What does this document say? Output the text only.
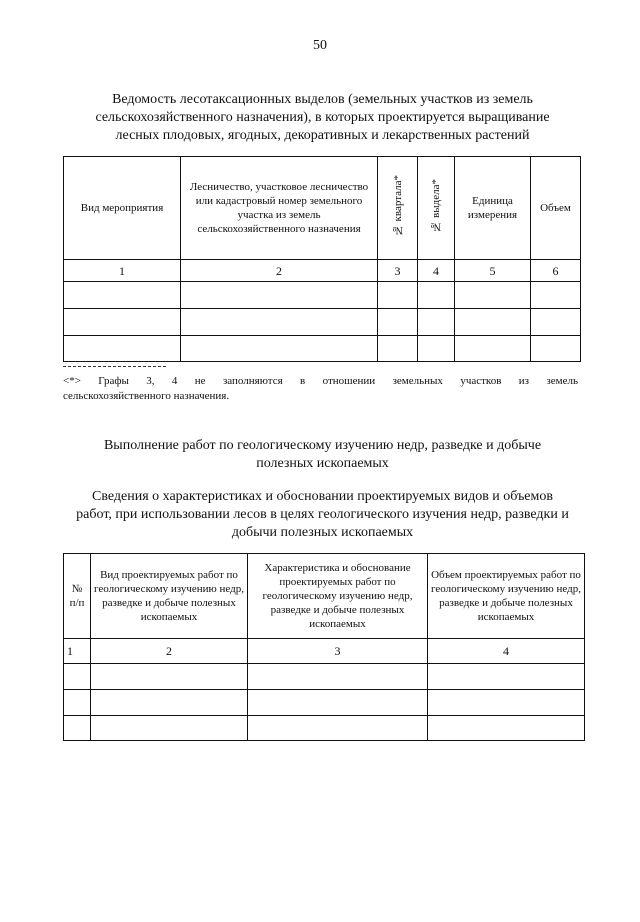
50
Ведомость лесотаксационных выделов (земельных участков из земель
сельскохозяйственного назначения), в которых проектируется выращивание
лесных плодовых, ягодных, декоративных и лекарственных растений
Вид мероприятия	Лесничество, участковое лесничество или кадастровый номер земельного участка из земель сельскохозяйственного назначения	№ квартала*	№ выдела*	Единица измерения	Объем
1	2	3	4	5	6

<*> Графы 3, 4 не заполняются в отношении земельных участков из земель
сельскохозяйственного назначения.
Выполнение работ по геологическому изучению недр, разведке и добыче
полезных ископаемых
Сведения о характеристиках и обосновании проектируемых видов и объемов
работ, при использовании лесов в целях геологического изучения недр, разведки и
добычи полезных ископаемых
№ п/п	Вид проектируемых работ по геологическому изучению недр, разведке и добыче полезных ископаемых	Характеристика и обоснование проектируемых работ по геологическому изучению недр, разведке и добыче полезных ископаемых	Объем проектируемых работ по геологическому изучению недр, разведке и добыче полезных ископаемых
1	2	3	4
